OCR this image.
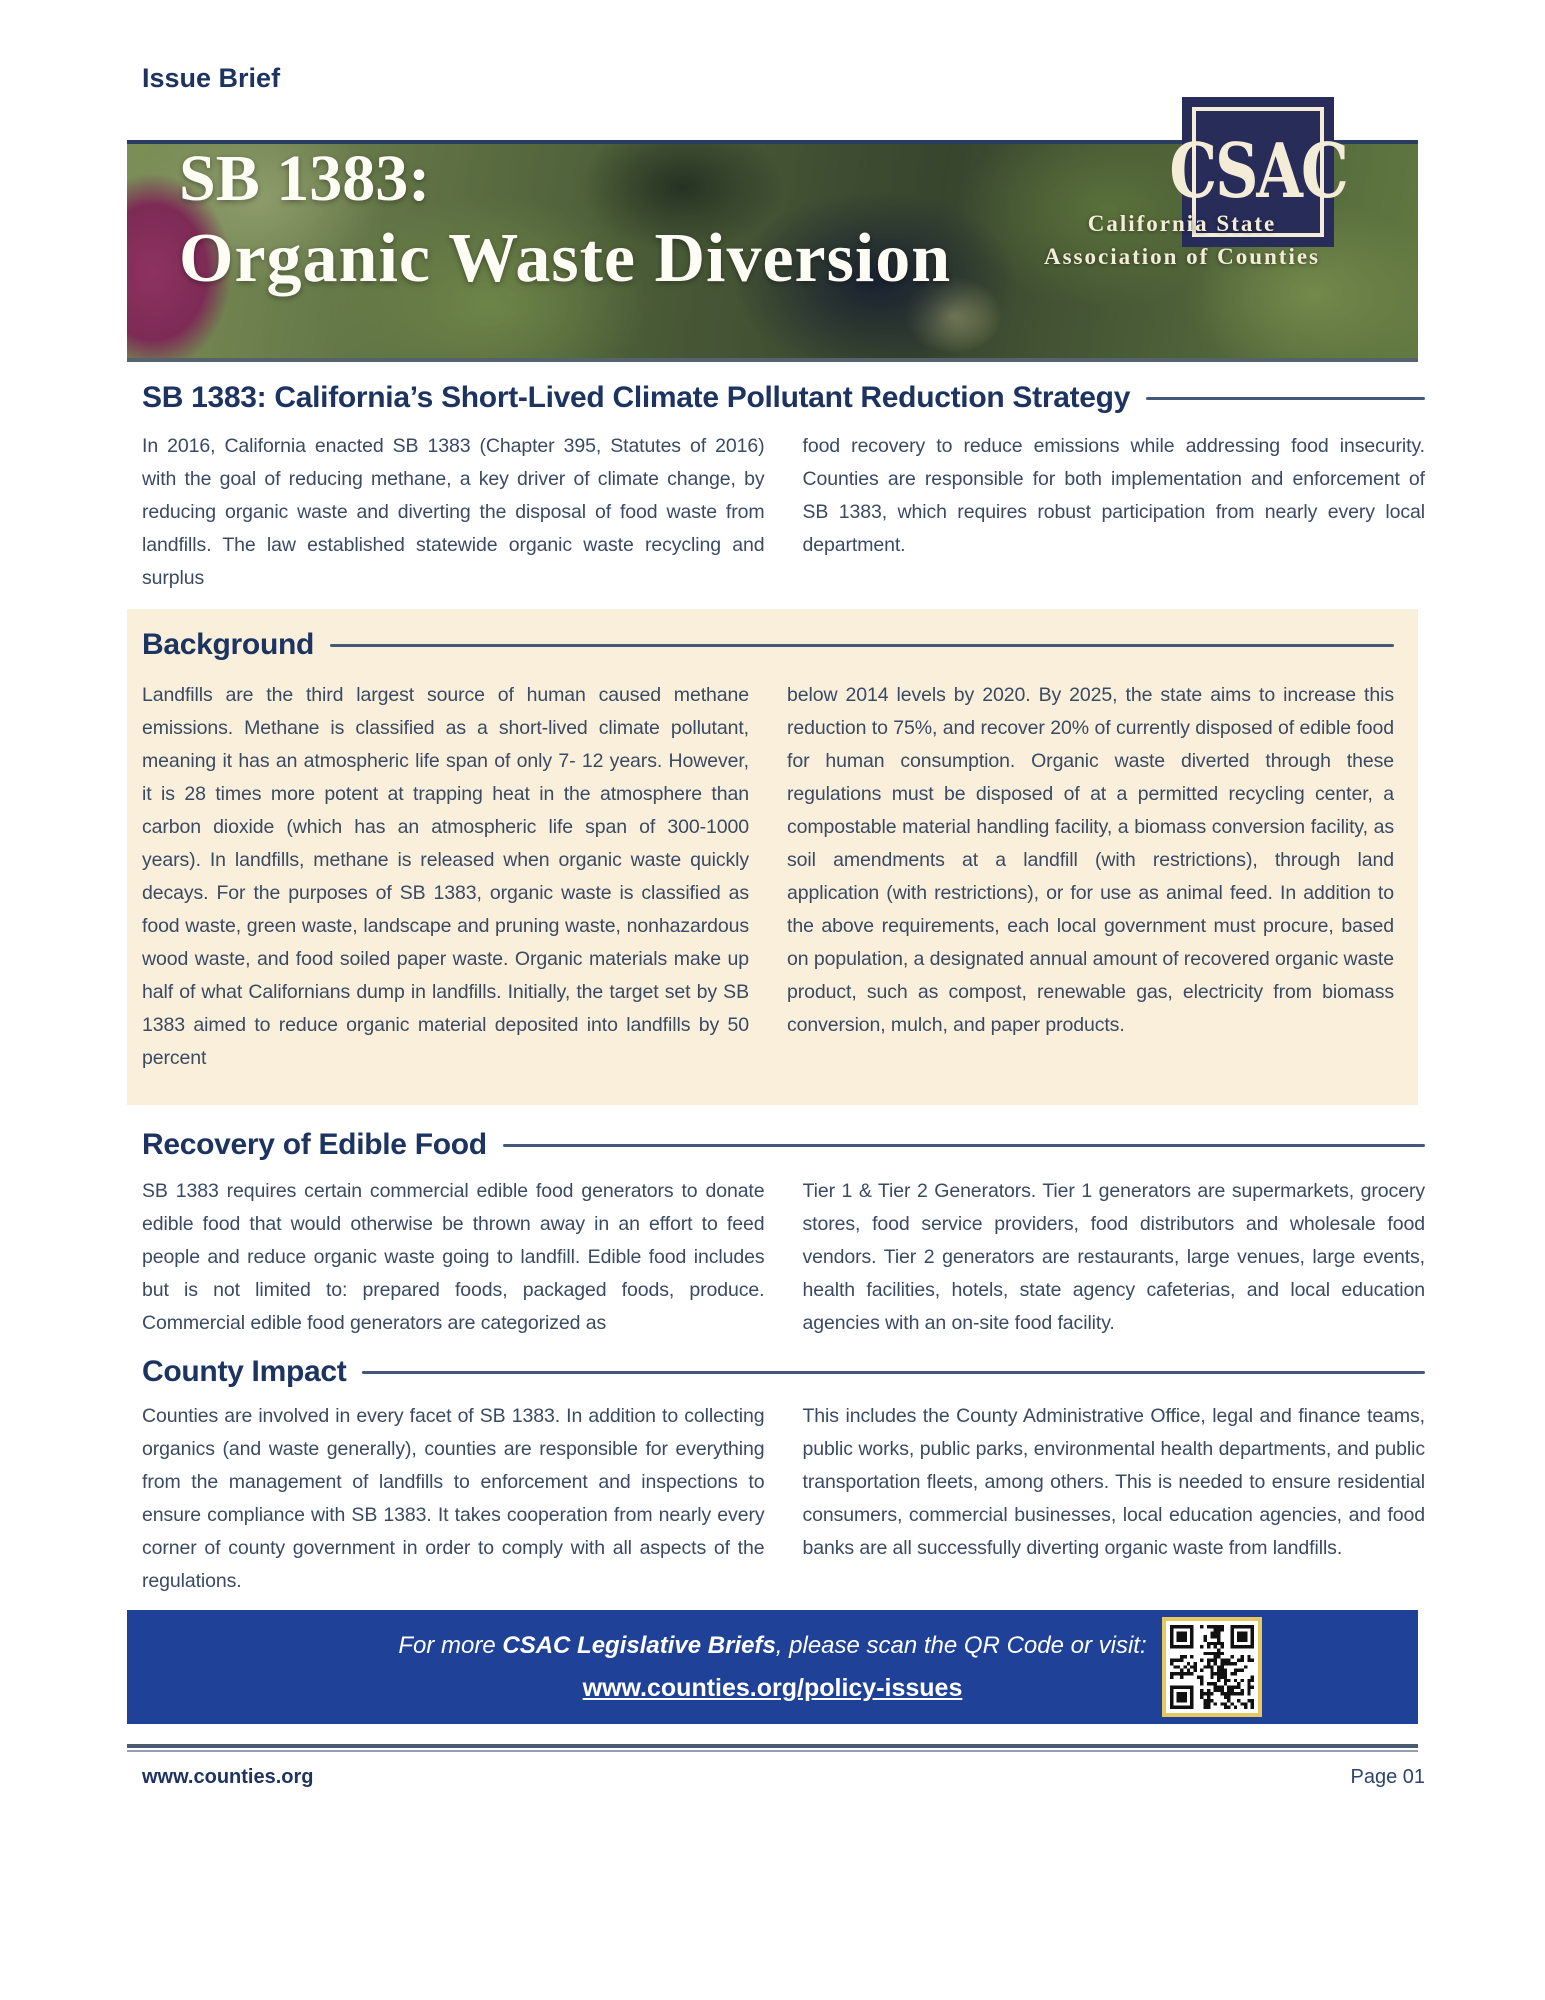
Issue Brief
SB 1383:
Organic Waste Diversion
CSAC
California State
Association of Counties
SB 1383: California’s Short-Lived Climate Pollutant Reduction Strategy
In 2016, California enacted SB 1383 (Chapter 395, Statutes of 2016) with the goal of reducing methane, a key driver of climate change, by reducing organic waste and diverting the disposal of food waste from landfills. The law established statewide organic waste recycling and surplus
food recovery to reduce emissions while addressing food insecurity. Counties are responsible for both implementation and enforcement of SB 1383, which requires robust participation from nearly every local department.
Background
Landfills are the third largest source of human caused methane emissions. Methane is classified as a short-lived climate pollutant, meaning it has an atmospheric life span of only 7- 12 years. However, it is 28 times more potent at trapping heat in the atmosphere than carbon dioxide (which has an atmospheric life span of 300-1000 years). In landfills, methane is released when organic waste quickly decays. For the purposes of SB 1383, organic waste is classified as food waste, green waste, landscape and pruning waste, nonhazardous wood waste, and food soiled paper waste. Organic materials make up half of what Californians dump in landfills. Initially, the target set by SB 1383 aimed to reduce organic material deposited into landfills by 50 percent
below 2014 levels by 2020. By 2025, the state aims to increase this reduction to 75%, and recover 20% of currently disposed of edible food for human consumption. Organic waste diverted through these regulations must be disposed of at a permitted recycling center, a compostable material handling facility, a biomass conversion facility, as soil amendments at a landfill (with restrictions), through land application (with restrictions), or for use as animal feed. In addition to the above requirements, each local government must procure, based on population, a designated annual amount of recovered organic waste product, such as compost, renewable gas, electricity from biomass conversion, mulch, and paper products.
Recovery of Edible Food
SB 1383 requires certain commercial edible food generators to donate edible food that would otherwise be thrown away in an effort to feed people and reduce organic waste going to landfill. Edible food includes but is not limited to: prepared foods, packaged foods, produce. Commercial edible food generators are categorized as
Tier 1 & Tier 2 Generators. Tier 1 generators are supermarkets, grocery stores, food service providers, food distributors and wholesale food vendors. Tier 2 generators are restaurants, large venues, large events, health facilities, hotels, state agency cafeterias, and local education agencies with an on-site food facility.
County Impact
Counties are involved in every facet of SB 1383. In addition to collecting organics (and waste generally), counties are responsible for everything from the management of landfills to enforcement and inspections to ensure compliance with SB 1383. It takes cooperation from nearly every corner of county government in order to comply with all aspects of the regulations.
This includes the County Administrative Office, legal and finance teams, public works, public parks, environmental health departments, and public transportation fleets, among others. This is needed to ensure residential consumers, commercial businesses, local education agencies, and food banks are all successfully diverting organic waste from landfills.
For more CSAC Legislative Briefs, please scan the QR Code or visit:
www.counties.org/policy-issues
www.counties.org	Page 01
